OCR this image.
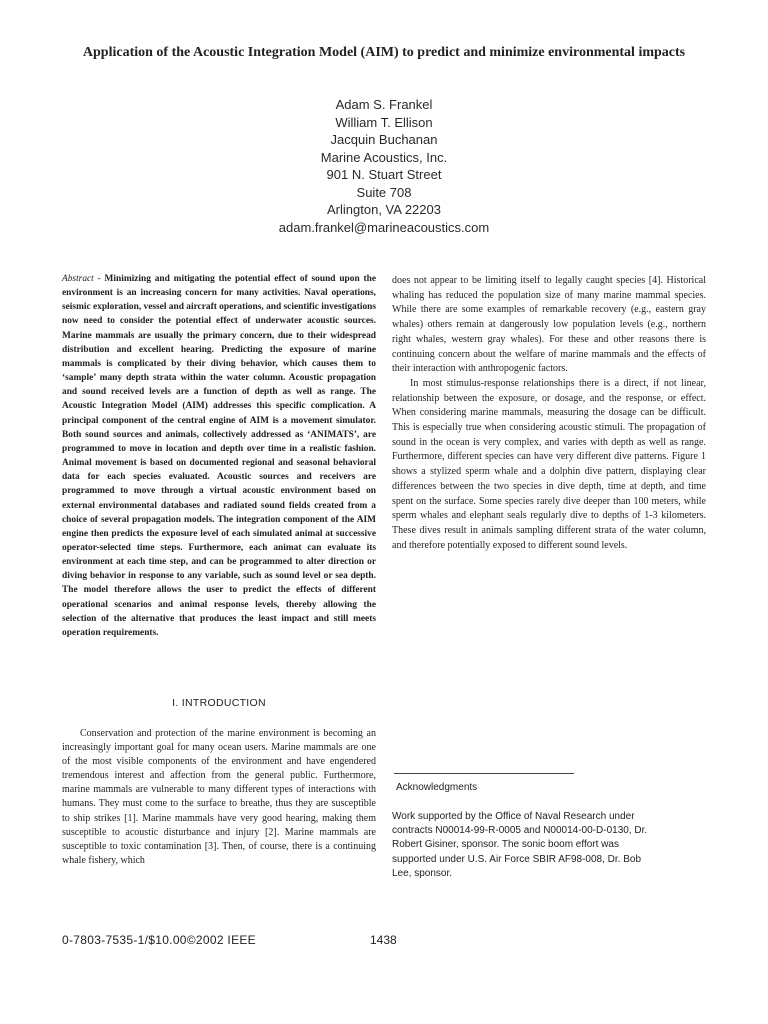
Application of the Acoustic Integration Model (AIM) to predict and minimize environmental impacts
Adam S. Frankel
William T. Ellison
Jacquin Buchanan
Marine Acoustics, Inc.
901 N. Stuart Street
Suite 708
Arlington, VA 22203
adam.frankel@marineacoustics.com
Abstract - Minimizing and mitigating the potential effect of sound upon the environment is an increasing concern for many activities. Naval operations, seismic exploration, vessel and aircraft operations, and scientific investigations now need to consider the potential effect of underwater acoustic sources. Marine mammals are usually the primary concern, due to their widespread distribution and excellent hearing. Predicting the exposure of marine mammals is complicated by their diving behavior, which causes them to ‘sample’ many depth strata within the water column. Acoustic propagation and sound received levels are a function of depth as well as range. The Acoustic Integration Model (AIM) addresses this specific complication. A principal component of the central engine of AIM is a movement simulator. Both sound sources and animals, collectively addressed as ‘ANIMATS’, are programmed to move in location and depth over time in a realistic fashion. Animal movement is based on documented regional and seasonal behavioral data for each species evaluated. Acoustic sources and receivers are programmed to move through a virtual acoustic environment based on external environmental databases and radiated sound fields created from a choice of several propagation models. The integration component of the AIM engine then predicts the exposure level of each simulated animal at successive operator-selected time steps. Furthermore, each animat can evaluate its environment at each time step, and can be programmed to alter direction or diving behavior in response to any variable, such as sound level or sea depth. The model therefore allows the user to predict the effects of different operational scenarios and animal response levels, thereby allowing the selection of the alternative that produces the least impact and still meets operation requirements.
I. INTRODUCTION

Conservation and protection of the marine environment is becoming an increasingly important goal for many ocean users. Marine mammals are one of the most visible components of the environment and have engendered tremendous interest and affection from the general public. Furthermore, marine mammals are vulnerable to many different types of interactions with humans. They must come to the surface to breathe, thus they are susceptible to ship strikes [1]. Marine mammals have very good hearing, making them susceptible to acoustic disturbance and injury [2]. Marine mammals are susceptible to toxic contamination [3]. Then, of course, there is a continuing whale fishery, which

does not appear to be limiting itself to legally caught species [4]. Historical whaling has reduced the population size of many marine mammal species. While there are some examples of remarkable recovery (e.g., eastern gray whales) others remain at dangerously low population levels (e.g., northern right whales, western gray whales). For these and other reasons there is continuing concern about the welfare of marine mammals and the effects of their interaction with anthropogenic factors.

In most stimulus-response relationships there is a direct, if not linear, relationship between the exposure, or dosage, and the response, or effect. When considering marine mammals, measuring the dosage can be difficult. This is especially true when considering acoustic stimuli. The propagation of sound in the ocean is very complex, and varies with depth as well as range. Furthermore, different species can have very different dive patterns. Figure 1 shows a stylized sperm whale and a dolphin dive pattern, displaying clear differences between the two species in dive depth, time at depth, and time spent on the surface. Some species rarely dive deeper than 100 meters, while sperm whales and elephant seals regularly dive to depths of 1-3 kilometers. These dives result in animals sampling different strata of the water column, and therefore potentially exposed to different sound levels.

Acknowledgments
Work supported by the Office of Naval Research under
contracts N00014-99-R-0005 and N00014-00-D-0130, Dr.
Robert Gisiner, sponsor. The sonic boom effort was
supported under U.S. Air Force SBIR AF98-008, Dr. Bob
Lee, sponsor.
0-7803-7535-1/$10.00©2002 IEEE	1438
